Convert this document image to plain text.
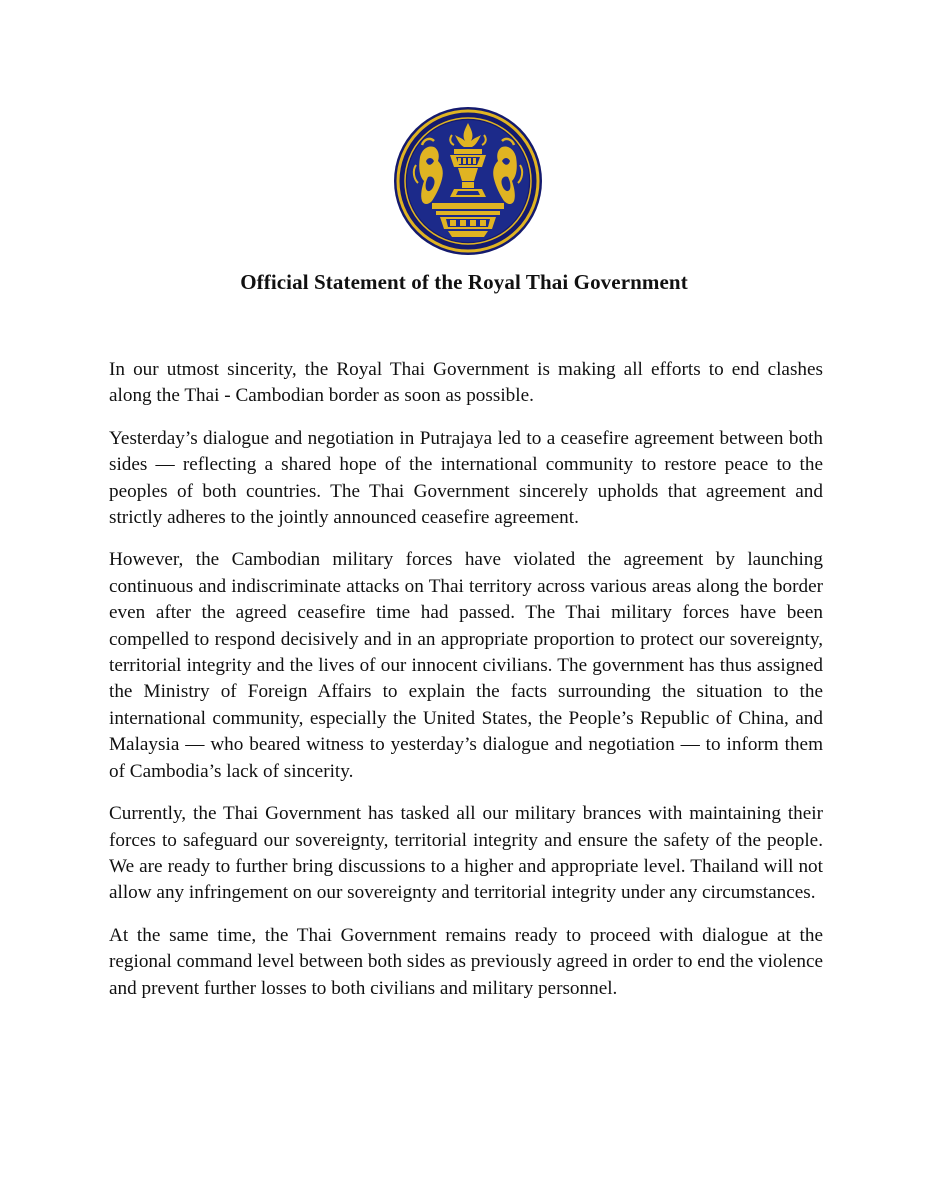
Official Statement of the Royal Thai Government

In our utmost sincerity, the Royal Thai Government is making all efforts to end clashes along the Thai - Cambodian border as soon as possible.

Yesterday’s dialogue and negotiation in Putrajaya led to a ceasefire agreement between both sides — reflecting a shared hope of the international community to restore peace to the peoples of both countries. The Thai Government sincerely upholds that agreement and strictly adheres to the jointly announced ceasefire agreement.

However, the Cambodian military forces have violated the agreement by launching continuous and indiscriminate attacks on Thai territory across various areas along the border even after the agreed ceasefire time had passed. The Thai military forces have been compelled to respond decisively and in an appropriate proportion to protect our sovereignty, territorial integrity and the lives of our innocent civilians. The government has thus assigned the Ministry of Foreign Affairs to explain the facts surrounding the situation to the international community, especially the United States, the People’s Republic of China, and Malaysia — who beared witness to yesterday’s dialogue and negotiation — to inform them of Cambodia’s lack of sincerity.

Currently, the Thai Government has tasked all our military brances with maintaining their forces to safeguard our sovereignty, territorial integrity and ensure the safety of the people. We are ready to further bring discussions to a higher and appropriate level. Thailand will not allow any infringement on our sovereignty and territorial integrity under any circumstances.

At the same time, the Thai Government remains ready to proceed with dialogue at the regional command level between both sides as previously agreed in order to end the violence and prevent further losses to both civilians and military personnel.
